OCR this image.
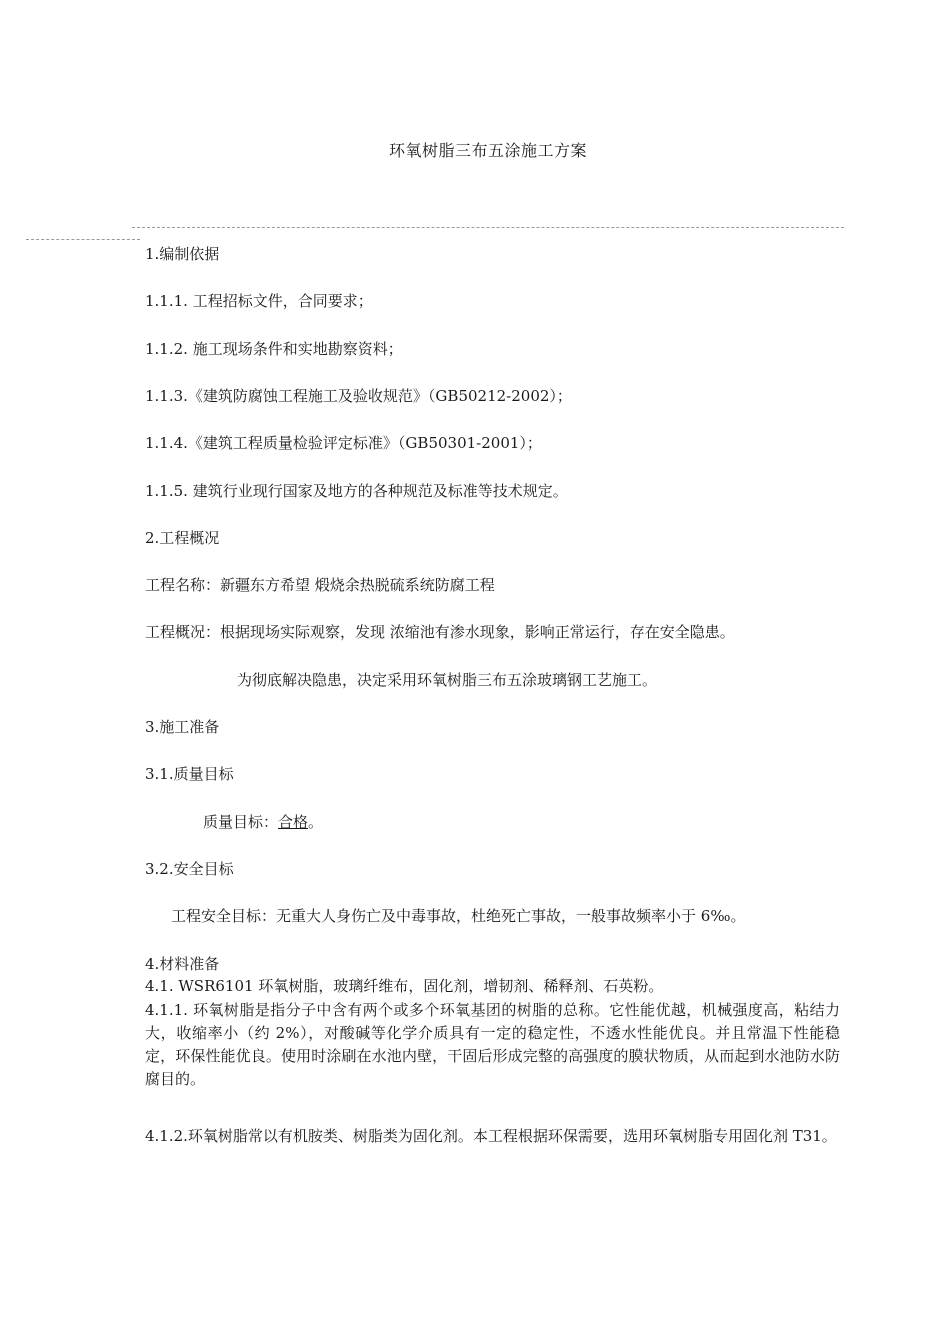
环氧树脂三布五涂施工方案
1.编制依据
1.1.1. 工程招标文件，合同要求；
1.1.2. 施工现场条件和实地勘察资料；
1.1.3.《建筑防腐蚀工程施工及验收规范》（GB50212-2002）；
1.1.4.《建筑工程质量检验评定标准》（GB50301-2001）；
1.1.5. 建筑行业现行国家及地方的各种规范及标准等技术规定。
2.工程概况
工程名称：新疆东方希望 煅烧余热脱硫系统防腐工程
工程概况：根据现场实际观察，发现 浓缩池有渗水现象，影响正常运行，存在安全隐患。
为彻底解决隐患，决定采用环氧树脂三布五涂玻璃钢工艺施工。
3.施工准备
3.1.质量目标
质量目标：合格。
3.2.安全目标
工程安全目标：无重大人身伤亡及中毒事故，杜绝死亡事故，一般事故频率小于 6‰。
4.材料准备
4.1. WSR6101 环氧树脂，玻璃纤维布，固化剂，增韧剂、稀释剂、石英粉。
4.1.1. 环氧树脂是指分子中含有两个或多个环氧基团的树脂的总称。它性能优越，机械强度高，粘结力大，收缩率小（约 2%），对酸碱等化学介质具有一定的稳定性，不透水性能优良。并且常温下性能稳定，环保性能优良。使用时涂刷在水池内壁，干固后形成完整的高强度的膜状物质，从而起到水池防水防腐目的。
4.1.2.环氧树脂常以有机胺类、树脂类为固化剂。本工程根据环保需要，选用环氧树脂专用固化剂 T31。
